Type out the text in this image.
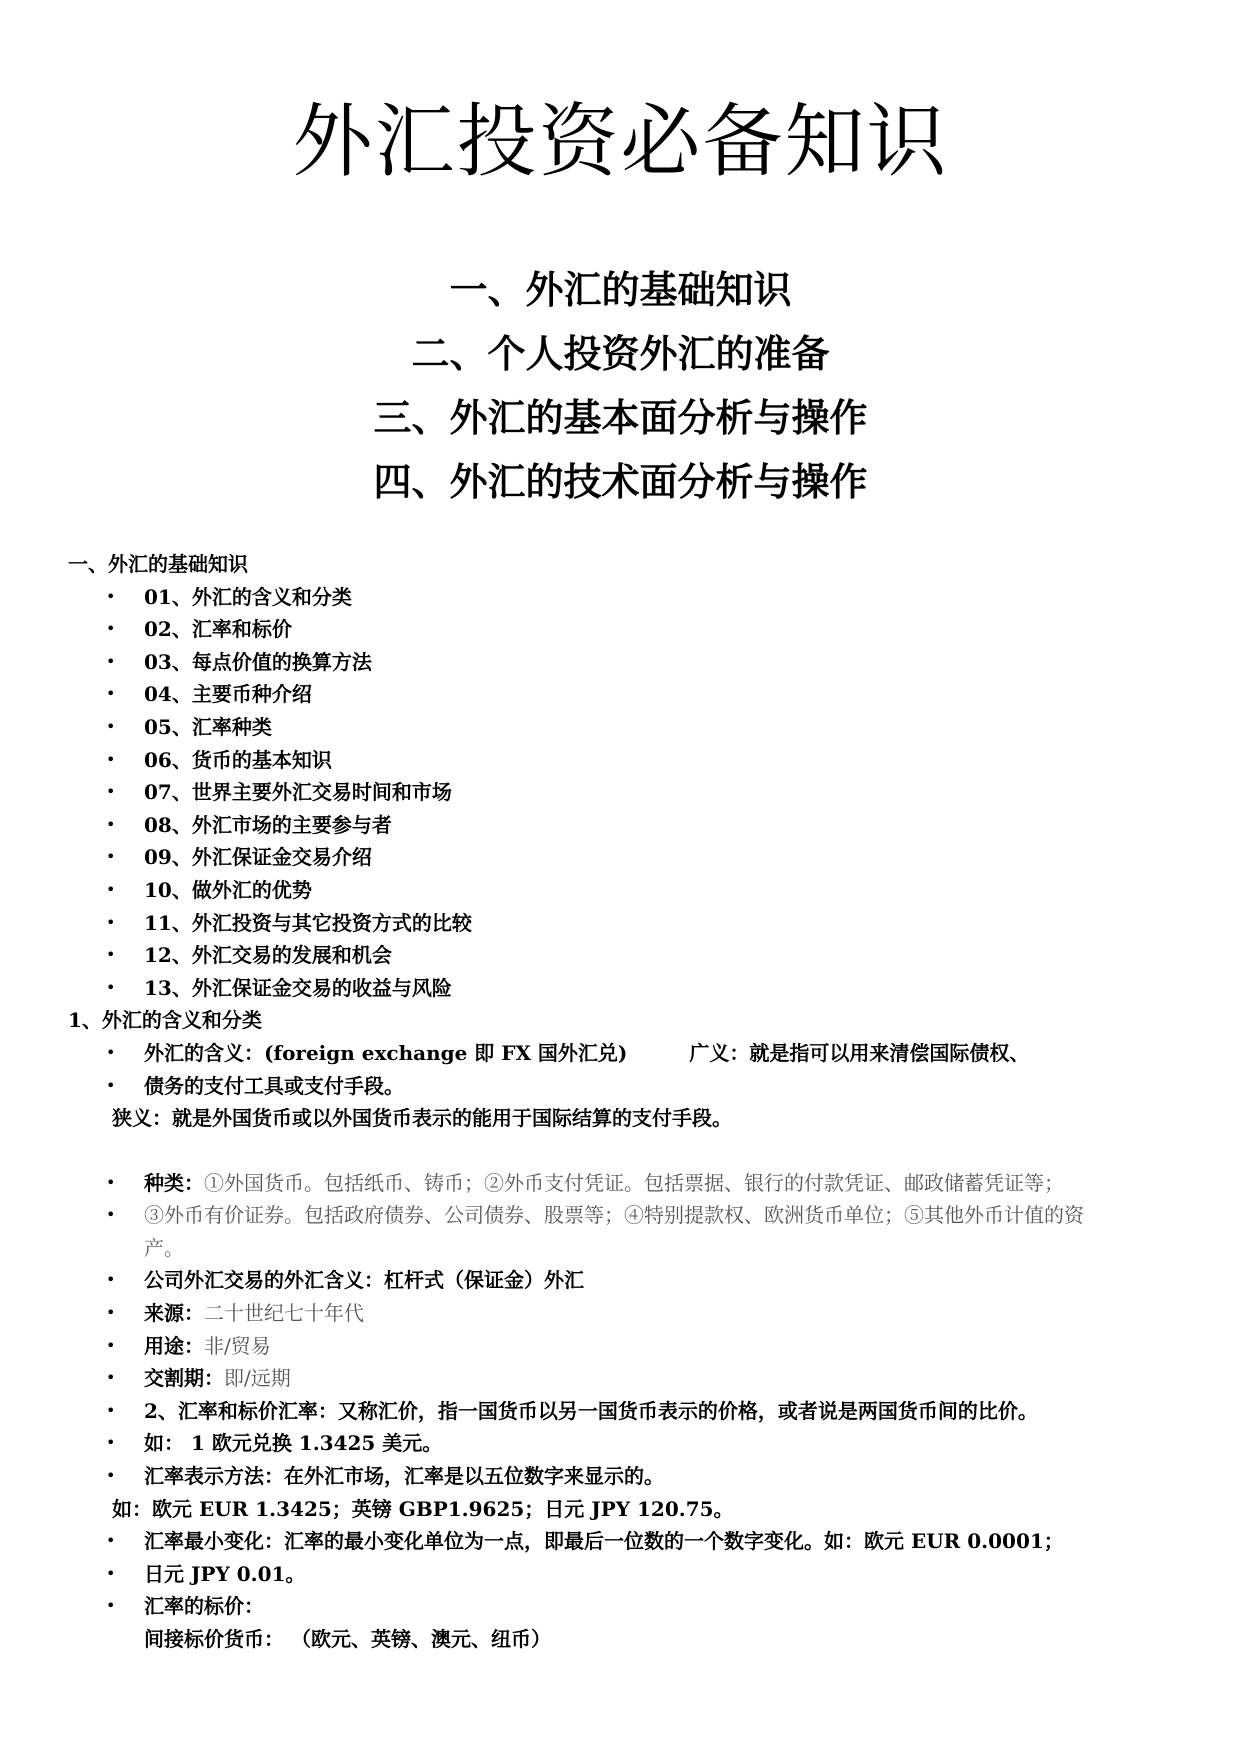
外汇投资必备知识
一、外汇的基础知识
二、个人投资外汇的准备
三、外汇的基本面分析与操作
四、外汇的技术面分析与操作
一、外汇的基础知识
• 01、外汇的含义和分类
• 02、汇率和标价
• 03、每点价值的换算方法
• 04、主要币种介绍
• 05、汇率种类
• 06、货币的基本知识
• 07、世界主要外汇交易时间和市场
• 08、外汇市场的主要参与者
• 09、外汇保证金交易介绍
• 10、做外汇的优势
• 11、外汇投资与其它投资方式的比较
• 12、外汇交易的发展和机会
• 13、外汇保证金交易的收益与风险
1、外汇的含义和分类
• 外汇的含义：(foreign exchange 即 FX 国外汇兑)	广义：就是指可以用来清偿国际债权、
• 债务的支付工具或支付手段。
狭义：就是外国货币或以外国货币表示的能用于国际结算的支付手段。
• 种类：①外国货币。包括纸币、铸币；②外币支付凭证。包括票据、银行的付款凭证、邮政储蓄凭证等；
• ③外币有价证券。包括政府债券、公司债券、股票等；④特别提款权、欧洲货币单位；⑤其他外币计值的资
产。
• 公司外汇交易的外汇含义：杠杆式（保证金）外汇
• 来源：二十世纪七十年代
• 用途：非/贸易
• 交割期：即/远期
• 2、汇率和标价汇率：又称汇价，指一国货币以另一国货币表示的价格，或者说是两国货币间的比价。
• 如： 1 欧元兑换 1.3425 美元。
• 汇率表示方法：在外汇市场，汇率是以五位数字来显示的。
如：欧元 EUR 1.3425；英镑 GBP1.9625；日元 JPY 120.75。
• 汇率最小变化：汇率的最小变化单位为一点，即最后一位数的一个数字变化。如：欧元 EUR 0.0001；
• 日元 JPY 0.01。
• 汇率的标价：
间接标价货币： （欧元、英镑、澳元、纽币）
